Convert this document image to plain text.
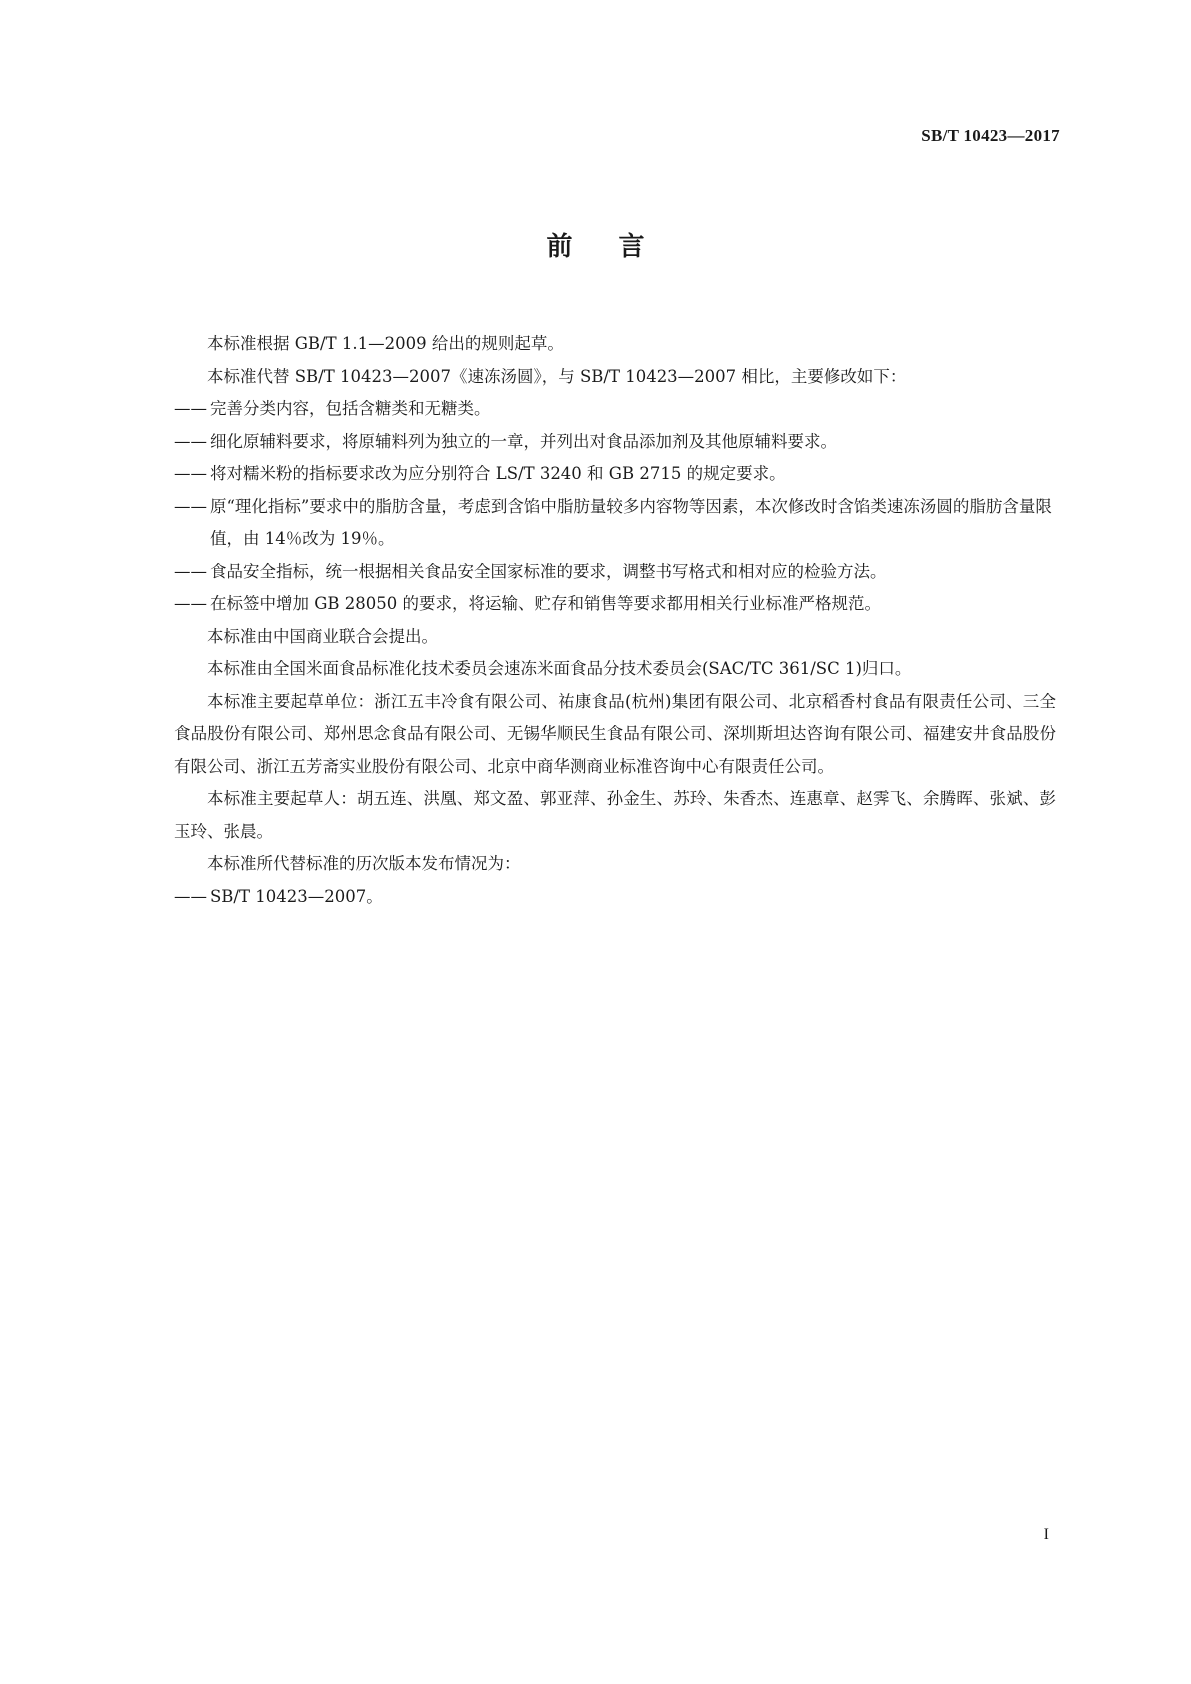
SB/T 10423—2017
前言

本标准根据 GB/T 1.1—2009 给出的规则起草。

本标准代替 SB/T 10423—2007《速冻汤圆》，与 SB/T 10423—2007 相比，主要修改如下：

—— 完善分类内容，包括含糖类和无糖类。
—— 细化原辅料要求，将原辅料列为独立的一章，并列出对食品添加剂及其他原辅料要求。
—— 将对糯米粉的指标要求改为应分别符合 LS/T 3240 和 GB 2715 的规定要求。
—— 原“理化指标”要求中的脂肪含量，考虑到含馅中脂肪量较多内容物等因素，本次修改时含馅类速冻汤圆的脂肪含量限值，由 14％改为 19％。
—— 食品安全指标，统一根据相关食品安全国家标准的要求，调整书写格式和相对应的检验方法。
—— 在标签中增加 GB 28050 的要求，将运输、贮存和销售等要求都用相关行业标准严格规范。

本标准由中国商业联合会提出。

本标准由全国米面食品标准化技术委员会速冻米面食品分技术委员会(SAC/TC 361/SC 1)归口。

本标准主要起草单位：浙江五丰冷食有限公司、祐康食品(杭州)集团有限公司、北京稻香村食品有限责任公司、三全食品股份有限公司、郑州思念食品有限公司、无锡华顺民生食品有限公司、深圳斯坦达咨询有限公司、福建安井食品股份有限公司、浙江五芳斋实业股份有限公司、北京中商华测商业标准咨询中心有限责任公司。

本标准主要起草人：胡五连、洪凰、郑文盈、郭亚萍、孙金生、苏玲、朱香杰、连惠章、赵霁飞、余腾晖、张斌、彭玉玲、张晨。

本标准所代替标准的历次版本发布情况为：

—— SB/T 10423—2007。
I
